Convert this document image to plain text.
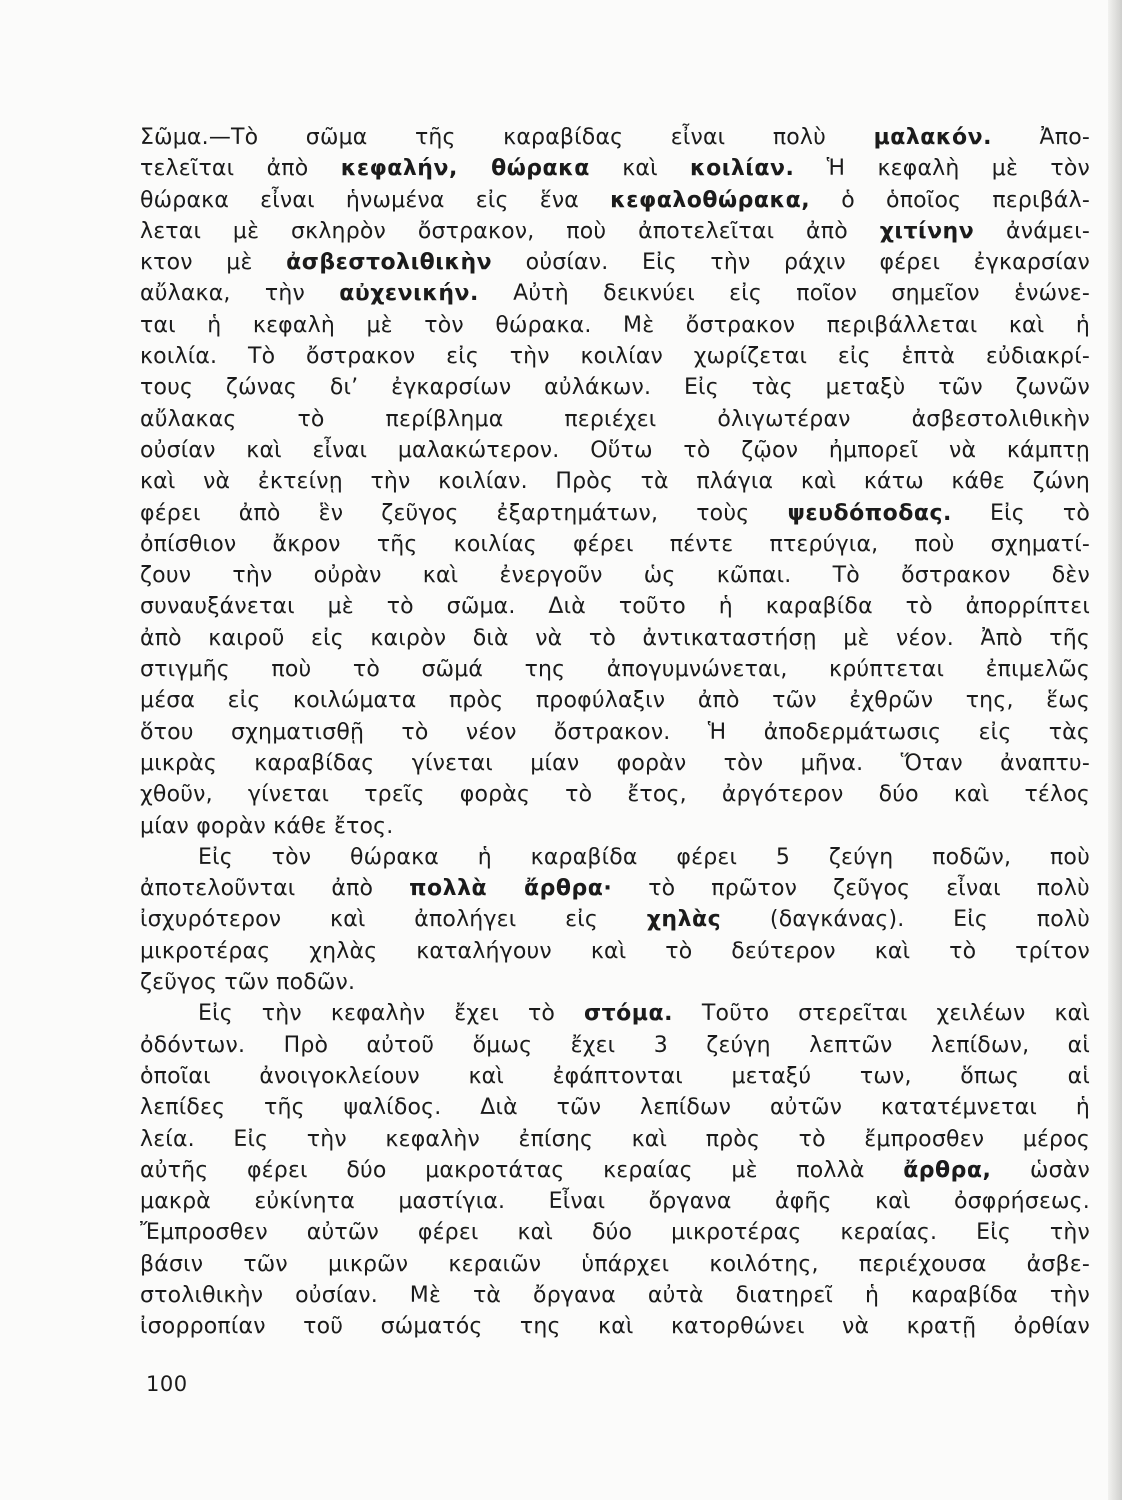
Σῶμα.—Τὸ σῶμα τῆς καραβίδας εἶναι πολὺ μαλακόν. Ἀπο-
τελεῖται ἀπὸ κεφαλήν, θώρακα καὶ κοιλίαν. Ἡ κεφαλὴ μὲ τὸν
θώρακα εἶναι ἡνωμένα εἰς ἕνα κεφαλοθώρακα, ὁ ὁποῖος περιβάλ-
λεται μὲ σκληρὸν ὄστρακον, ποὺ ἀποτελεῖται ἀπὸ χιτίνην ἀνάμει-
κτον μὲ ἀσβεστολιθικὴν οὐσίαν. Εἰς τὴν ράχιν φέρει ἐγκαρσίαν
αὔλακα, τὴν αὐχενικήν. Αὐτὴ δεικνύει εἰς ποῖον σημεῖον ἑνώνε-
ται ἡ κεφαλὴ μὲ τὸν θώρακα. Μὲ ὄστρακον περιβάλλεται καὶ ἡ
κοιλία. Τὸ ὄστρακον εἰς τὴν κοιλίαν χωρίζεται εἰς ἑπτὰ εὐδιακρί-
τους ζώνας δι’ ἐγκαρσίων αὐλάκων. Εἰς τὰς μεταξὺ τῶν ζωνῶν
αὔλακας τὸ περίβλημα περιέχει ὀλιγωτέραν ἀσβεστολιθικὴν
οὐσίαν καὶ εἶναι μαλακώτερον. Οὕτω τὸ ζῷον ἠμπορεῖ νὰ κάμπτῃ
καὶ νὰ ἐκτείνῃ τὴν κοιλίαν. Πρὸς τὰ πλάγια καὶ κάτω κάθε ζώνη
φέρει ἀπὸ ἓν ζεῦγος ἐξαρτημάτων, τοὺς ψευδόποδας. Εἰς τὸ
ὀπίσθιον ἄκρον τῆς κοιλίας φέρει πέντε πτερύγια, ποὺ σχηματί-
ζουν τὴν οὐρὰν καὶ ἐνεργοῦν ὡς κῶπαι. Τὸ ὄστρακον δὲν
συναυξάνεται μὲ τὸ σῶμα. Διὰ τοῦτο ἡ καραβίδα τὸ ἀπορρίπτει
ἀπὸ καιροῦ εἰς καιρὸν διὰ νὰ τὸ ἀντικαταστήσῃ μὲ νέον. Ἀπὸ τῆς
στιγμῆς ποὺ τὸ σῶμά της ἀπογυμνώνεται, κρύπτεται ἐπιμελῶς
μέσα εἰς κοιλώματα πρὸς προφύλαξιν ἀπὸ τῶν ἐχθρῶν της, ἕως
ὅτου σχηματισθῇ τὸ νέον ὄστρακον. Ἡ ἀποδερμάτωσις εἰς τὰς
μικρὰς καραβίδας γίνεται μίαν φορὰν τὸν μῆνα. Ὅταν ἀναπτυ-
χθοῦν, γίνεται τρεῖς φορὰς τὸ ἔτος, ἀργότερον δύο καὶ τέλος
μίαν φορὰν κάθε ἔτος.
Εἰς τὸν θώρακα ἡ καραβίδα φέρει 5 ζεύγη ποδῶν, ποὺ
ἀποτελοῦνται ἀπὸ πολλὰ ἄρθρα· τὸ πρῶτον ζεῦγος εἶναι πολὺ
ἰσχυρότερον καὶ ἀπολήγει εἰς χηλὰς (δαγκάνας). Εἰς πολὺ
μικροτέρας χηλὰς καταλήγουν καὶ τὸ δεύτερον καὶ τὸ τρίτον
ζεῦγος τῶν ποδῶν.
Εἰς τὴν κεφαλὴν ἔχει τὸ στόμα. Τοῦτο στερεῖται χειλέων καὶ
ὀδόντων. Πρὸ αὐτοῦ ὅμως ἔχει 3 ζεύγη λεπτῶν λεπίδων, αἱ
ὁποῖαι ἀνοιγοκλείουν καὶ ἐφάπτονται μεταξύ των, ὅπως αἱ
λεπίδες τῆς ψαλίδος. Διὰ τῶν λεπίδων αὐτῶν κατατέμνεται ἡ
λεία. Εἰς τὴν κεφαλὴν ἐπίσης καὶ πρὸς τὸ ἔμπροσθεν μέρος
αὐτῆς φέρει δύο μακροτάτας κεραίας μὲ πολλὰ ἄρθρα, ὡσὰν
μακρὰ εὐκίνητα μαστίγια. Εἶναι ὄργανα ἀφῆς καὶ ὀσφρήσεως.
Ἔμπροσθεν αὐτῶν φέρει καὶ δύο μικροτέρας κεραίας. Εἰς τὴν
βάσιν τῶν μικρῶν κεραιῶν ὑπάρχει κοιλότης, περιέχουσα ἀσβε-
στολιθικὴν οὐσίαν. Μὲ τὰ ὄργανα αὐτὰ διατηρεῖ ἡ καραβίδα τὴν
ἰσορροπίαν τοῦ σώματός της καὶ κατορθώνει νὰ κρατῇ ὀρθίαν
100
